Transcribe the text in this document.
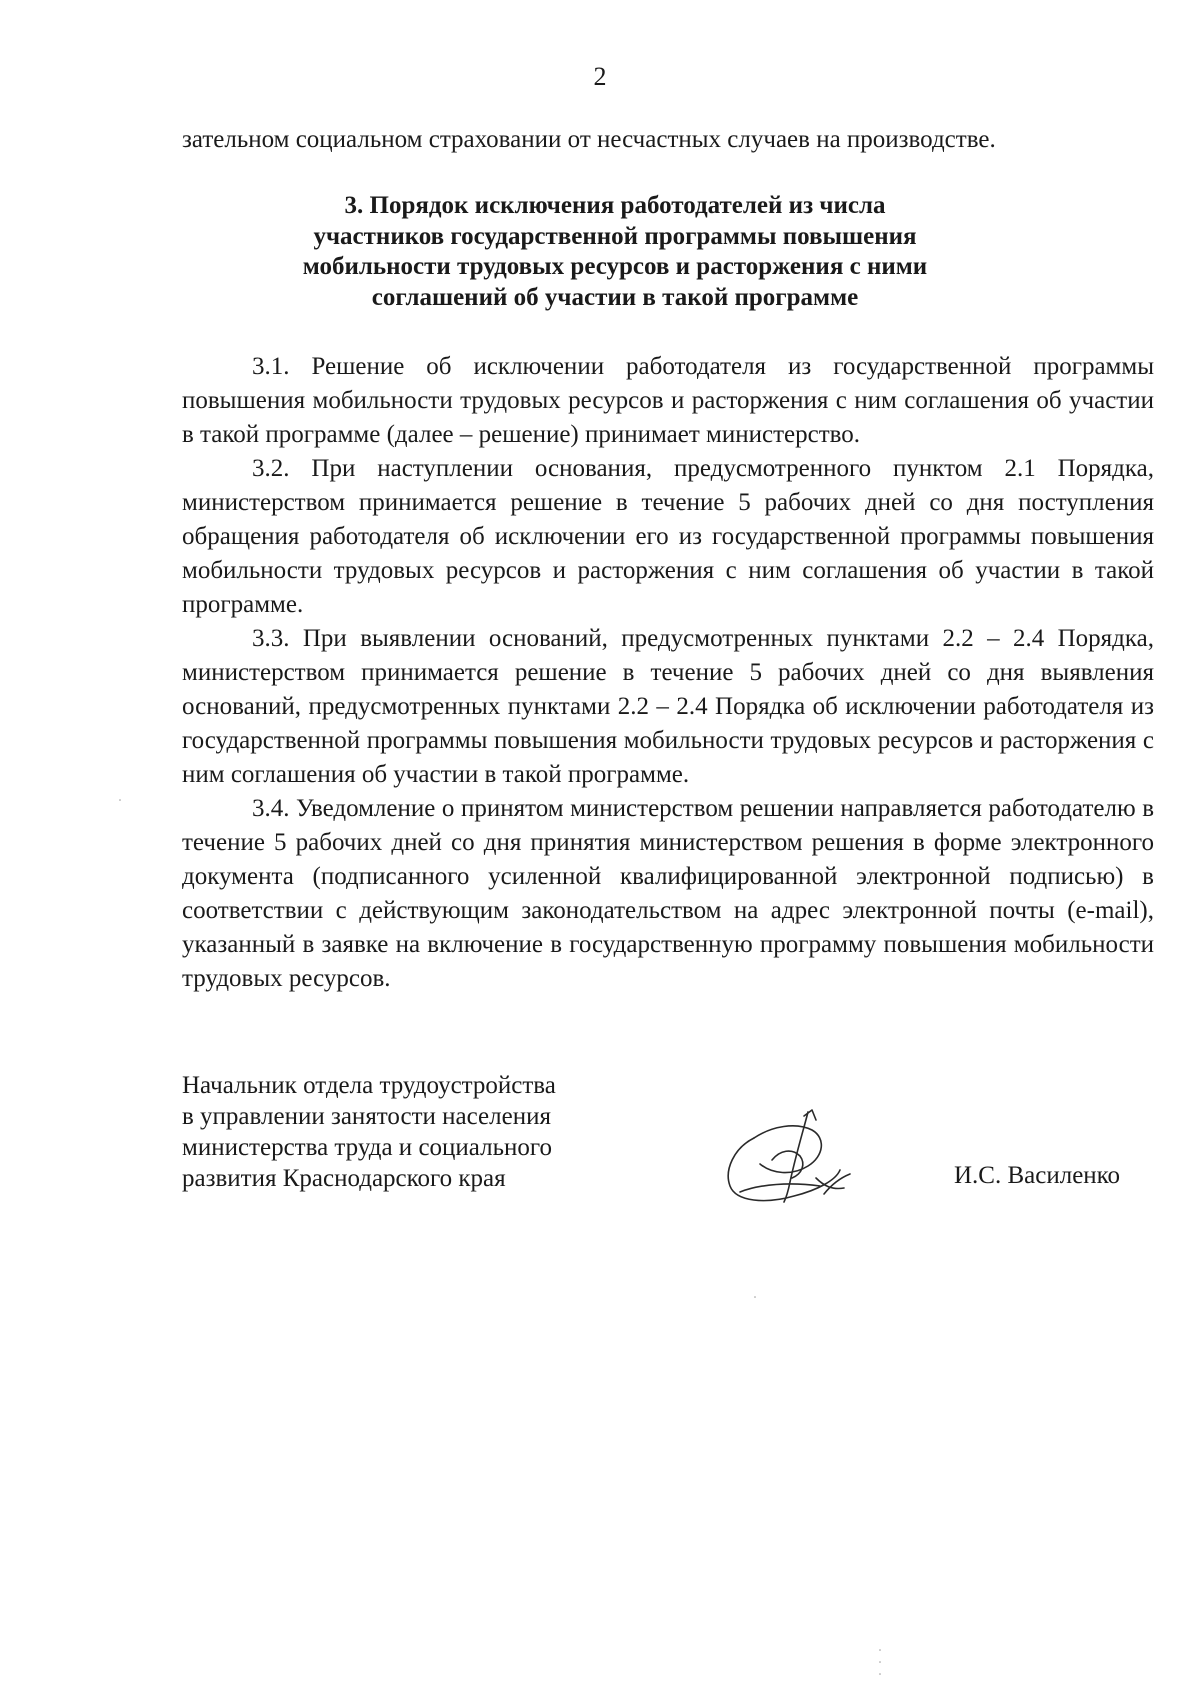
2
зательном социальном страховании от несчастных случаев на производстве.
3. Порядок исключения работодателей из числа
участников государственной программы повышения
мобильности трудовых ресурсов и расторжения с ними
соглашений об участии в такой программе

3.1. Решение об исключении работодателя из государственной программы повышения мобильности трудовых ресурсов и расторжения с ним соглашения об участии в такой программе (далее – решение) принимает министерство.

3.2. При наступлении основания, предусмотренного пунктом 2.1 Порядка, министерством принимается решение в течение 5 рабочих дней со дня поступления обращения работодателя об исключении его из государственной программы повышения мобильности трудовых ресурсов и расторжения с ним соглашения об участии в такой программе.

3.3. При выявлении оснований, предусмотренных пунктами 2.2 – 2.4 Порядка, министерством принимается решение в течение 5 рабочих дней со дня выявления оснований, предусмотренных пунктами 2.2 – 2.4 Порядка об исключении работодателя из государственной программы повышения мобильности трудовых ресурсов и расторжения с ним соглашения об участии в такой программе.

3.4. Уведомление о принятом министерством решении направляется работодателю в течение 5 рабочих дней со дня принятия министерством решения в форме электронного документа (подписанного усиленной квалифицированной электронной подписью) в соответствии с действующим законодательством на адрес электронной почты (e-mail), указанный в заявке на включение в государственную программу повышения мобильности трудовых ресурсов.

Начальник отдела трудоустройства
в управлении занятости населения
министерства труда и социального
развития Краснодарского края	И.С. Василенко
